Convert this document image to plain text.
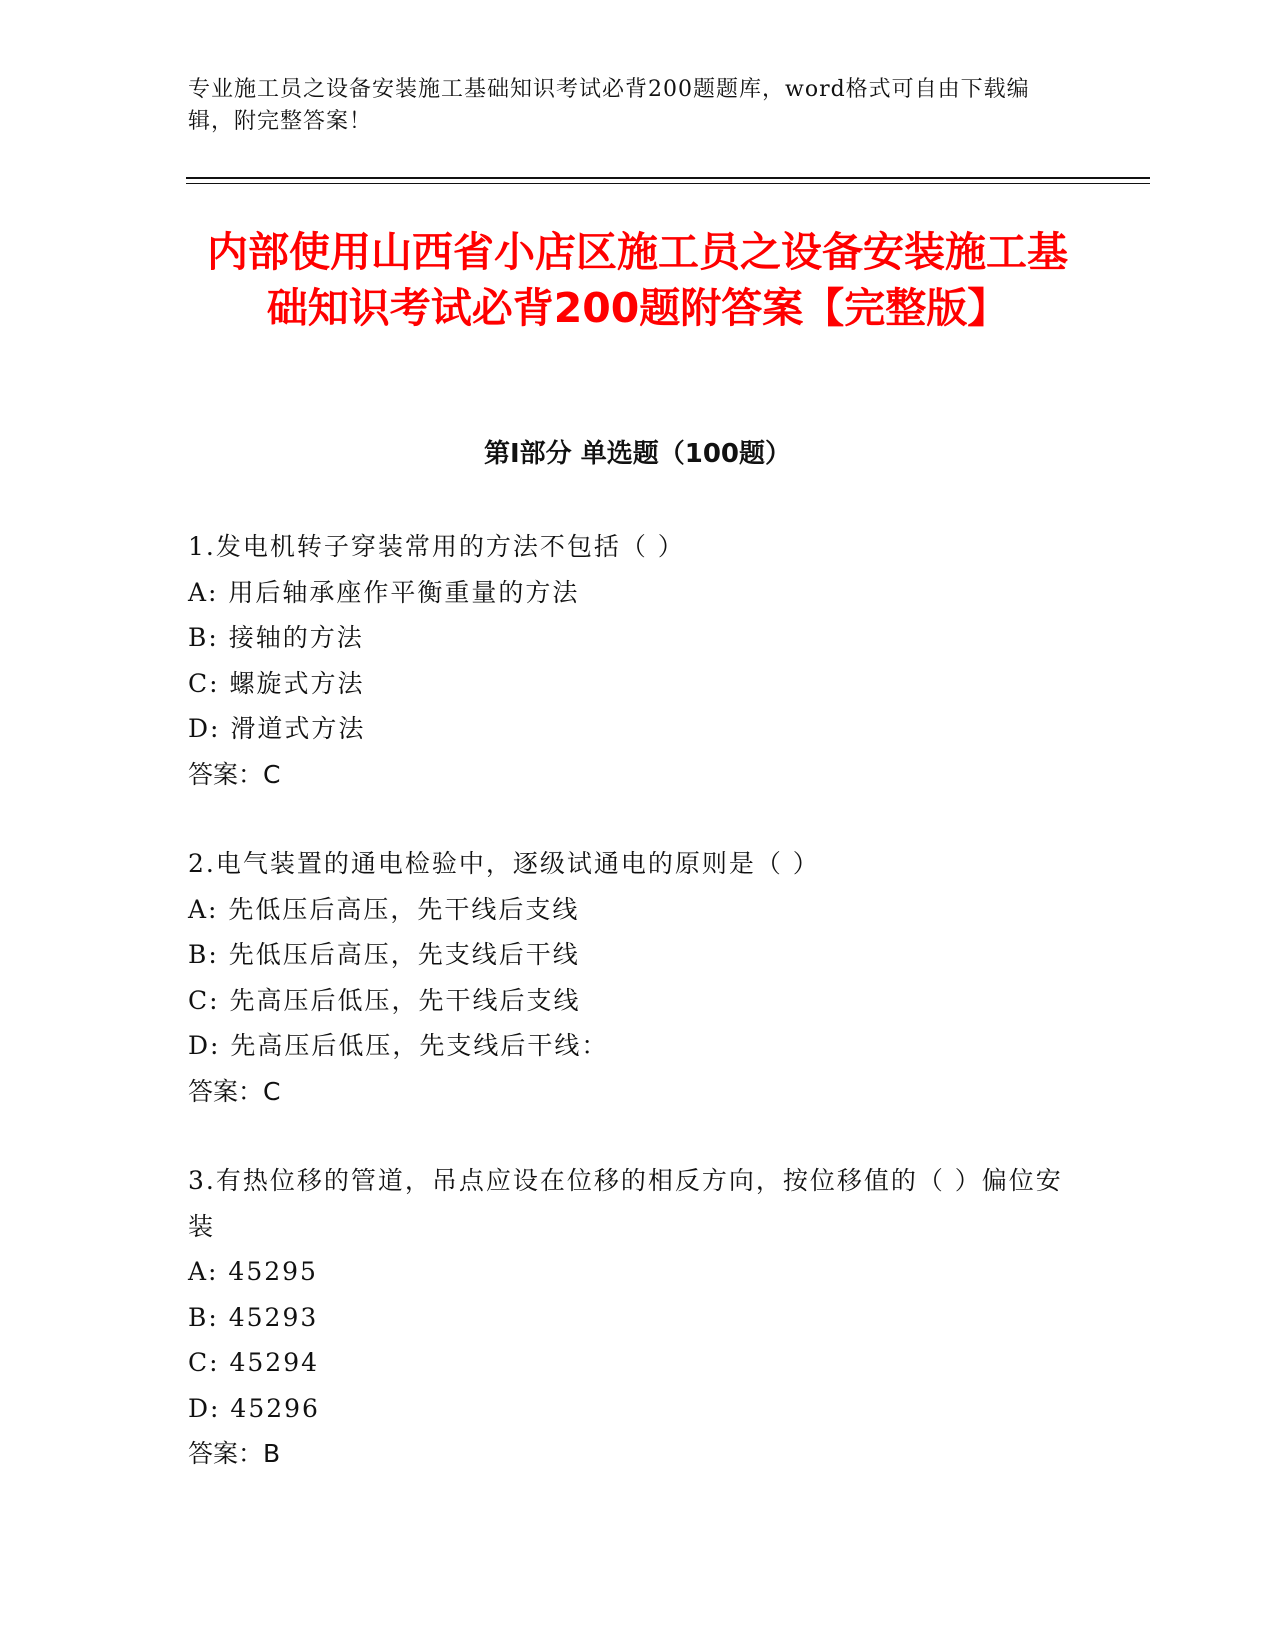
专业施工员之设备安装施工基础知识考试必背200题题库，word格式可自由下载编辑，附完整答案！
内部使用山西省小店区施工员之设备安装施工基础知识考试必背200题附答案【完整版】
第I部分 单选题（100题）

1.发电机转子穿装常用的方法不包括（ ）

A: 用后轴承座作平衡重量的方法

B: 接轴的方法

C: 螺旋式方法

D: 滑道式方法

答案：C

2.电气装置的通电检验中，逐级试通电的原则是（ ）

A: 先低压后高压，先干线后支线

B: 先低压后高压，先支线后干线

C: 先高压后低压，先干线后支线

D: 先高压后低压，先支线后干线：

答案：C

3.有热位移的管道，吊点应设在位移的相反方向，按位移值的（ ）偏位安装

A: 45295

B: 45293

C: 45294

D: 45296

答案：B
